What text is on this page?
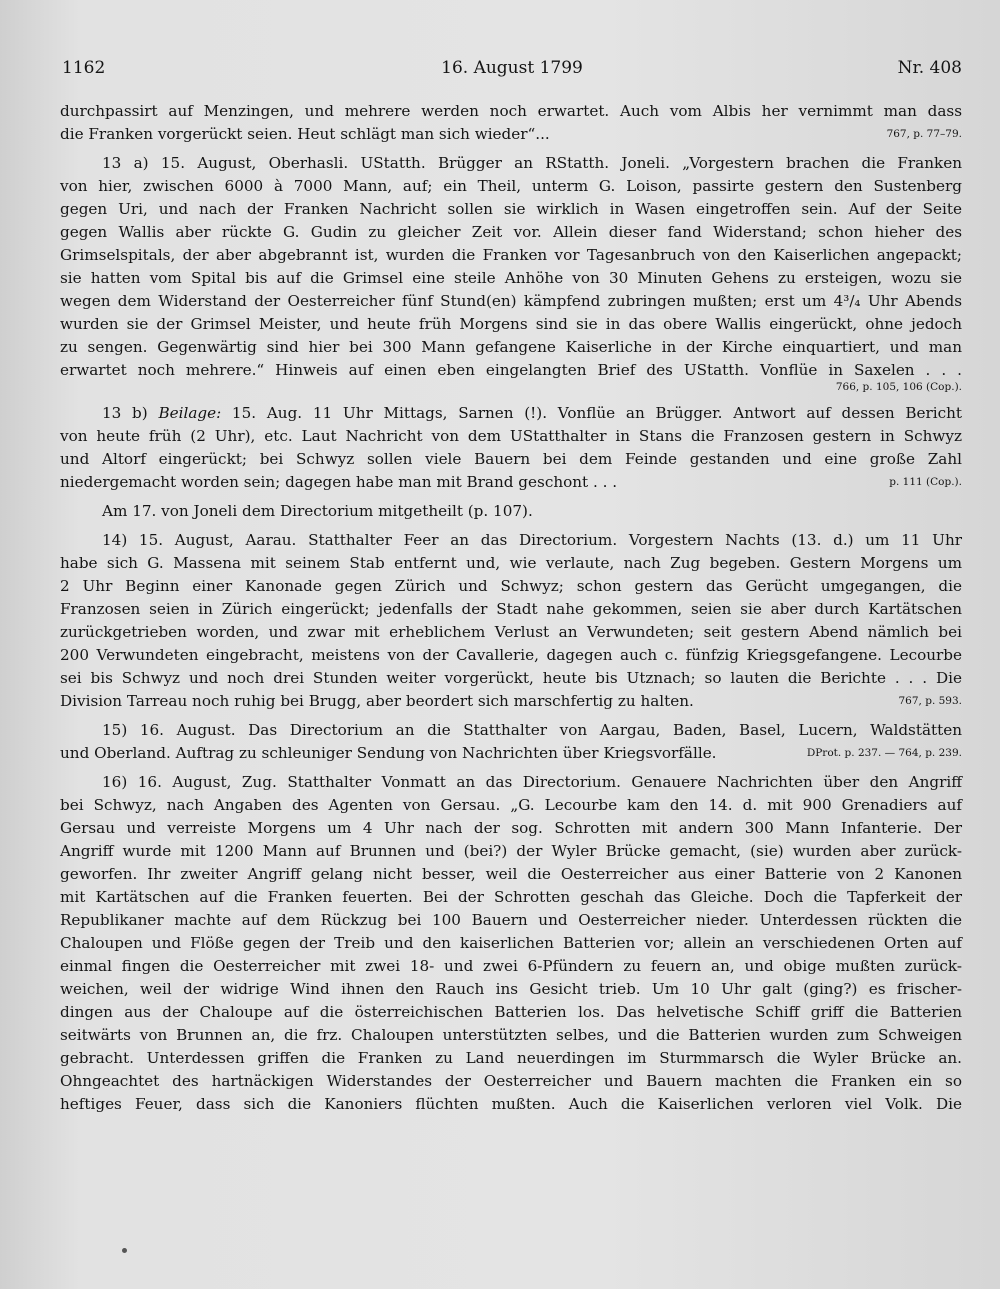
1162	16. August 1799	Nr. 408
durchpassirt auf Menzingen, und mehrere werden noch erwartet. Auch vom Albis her vernimmt man dass
die Franken vorgerückt seien. Heut schlägt man sich wieder“...	767, p. 77–79.
13 a) 15. August, Oberhasli. UStatth. Brügger an RStatth. Joneli. „Vorgestern brachen die Franken
von hier, zwischen 6000 à 7000 Mann, auf; ein Theil, unterm G. Loison, passirte gestern den Sustenberg
gegen Uri, und nach der Franken Nachricht sollen sie wirklich in Wasen eingetroffen sein. Auf der Seite
gegen Wallis aber rückte G. Gudin zu gleicher Zeit vor. Allein dieser fand Widerstand; schon hieher des
Grimselspitals, der aber abgebrannt ist, wurden die Franken vor Tagesanbruch von den Kaiserlichen angepackt;
sie hatten vom Spital bis auf die Grimsel eine steile Anhöhe von 30 Minuten Gehens zu ersteigen, wozu sie
wegen dem Widerstand der Oesterreicher fünf Stund(en) kämpfend zubringen mußten; erst um 4³/₄ Uhr Abends
wurden sie der Grimsel Meister, und heute früh Morgens sind sie in das obere Wallis eingerückt, ohne jedoch
zu sengen. Gegenwärtig sind hier bei 300 Mann gefangene Kaiserliche in der Kirche einquartiert, und man
erwartet noch mehrere.“ Hinweis auf einen eben eingelangten Brief des UStatth. Vonflüe in Saxelen . . .
766, p. 105, 106 (Cop.).
13 b) Beilage: 15. Aug. 11 Uhr Mittags, Sarnen (!). Vonflüe an Brügger. Antwort auf dessen Bericht
von heute früh (2 Uhr), etc. Laut Nachricht von dem UStatthalter in Stans die Franzosen gestern in Schwyz
und Altorf eingerückt; bei Schwyz sollen viele Bauern bei dem Feinde gestanden und eine große Zahl
niedergemacht worden sein; dagegen habe man mit Brand geschont . . .	p. 111 (Cop.).
Am 17. von Joneli dem Directorium mitgetheilt (p. 107).
14) 15. August, Aarau. Statthalter Feer an das Directorium. Vorgestern Nachts (13. d.) um 11 Uhr
habe sich G. Massena mit seinem Stab entfernt und, wie verlaute, nach Zug begeben. Gestern Morgens um
2 Uhr Beginn einer Kanonade gegen Zürich und Schwyz; schon gestern das Gerücht umgegangen, die
Franzosen seien in Zürich eingerückt; jedenfalls der Stadt nahe gekommen, seien sie aber durch Kartätschen
zurückgetrieben worden, und zwar mit erheblichem Verlust an Verwundeten; seit gestern Abend nämlich bei
200 Verwundeten eingebracht, meistens von der Cavallerie, dagegen auch c. fünfzig Kriegsgefangene. Lecourbe
sei bis Schwyz und noch drei Stunden weiter vorgerückt, heute bis Utznach; so lauten die Berichte . . . Die
Division Tarreau noch ruhig bei Brugg, aber beordert sich marschfertig zu halten.	767, p. 593.
15) 16. August. Das Directorium an die Statthalter von Aargau, Baden, Basel, Lucern, Waldstätten
und Oberland. Auftrag zu schleuniger Sendung von Nachrichten über Kriegsvorfälle.	DProt. p. 237. — 764, p. 239.
16) 16. August, Zug. Statthalter Vonmatt an das Directorium. Genauere Nachrichten über den Angriff
bei Schwyz, nach Angaben des Agenten von Gersau. „G. Lecourbe kam den 14. d. mit 900 Grenadiers auf
Gersau und verreiste Morgens um 4 Uhr nach der sog. Schrotten mit andern 300 Mann Infanterie. Der
Angriff wurde mit 1200 Mann auf Brunnen und (bei?) der Wyler Brücke gemacht, (sie) wurden aber zurück-
geworfen. Ihr zweiter Angriff gelang nicht besser, weil die Oesterreicher aus einer Batterie von 2 Kanonen
mit Kartätschen auf die Franken feuerten. Bei der Schrotten geschah das Gleiche. Doch die Tapferkeit der
Republikaner machte auf dem Rückzug bei 100 Bauern und Oesterreicher nieder. Unterdessen rückten die
Chaloupen und Flöße gegen der Treib und den kaiserlichen Batterien vor; allein an verschiedenen Orten auf
einmal fingen die Oesterreicher mit zwei 18- und zwei 6-Pfündern zu feuern an, und obige mußten zurück-
weichen, weil der widrige Wind ihnen den Rauch ins Gesicht trieb. Um 10 Uhr galt (ging?) es frischer-
dingen aus der Chaloupe auf die österreichischen Batterien los. Das helvetische Schiff griff die Batterien
seitwärts von Brunnen an, die frz. Chaloupen unterstützten selbes, und die Batterien wurden zum Schweigen
gebracht. Unterdessen griffen die Franken zu Land neuerdingen im Sturmmarsch die Wyler Brücke an.
Ohngeachtet des hartnäckigen Widerstandes der Oesterreicher und Bauern machten die Franken ein so
heftiges Feuer, dass sich die Kanoniers flüchten mußten. Auch die Kaiserlichen verloren viel Volk. Die
